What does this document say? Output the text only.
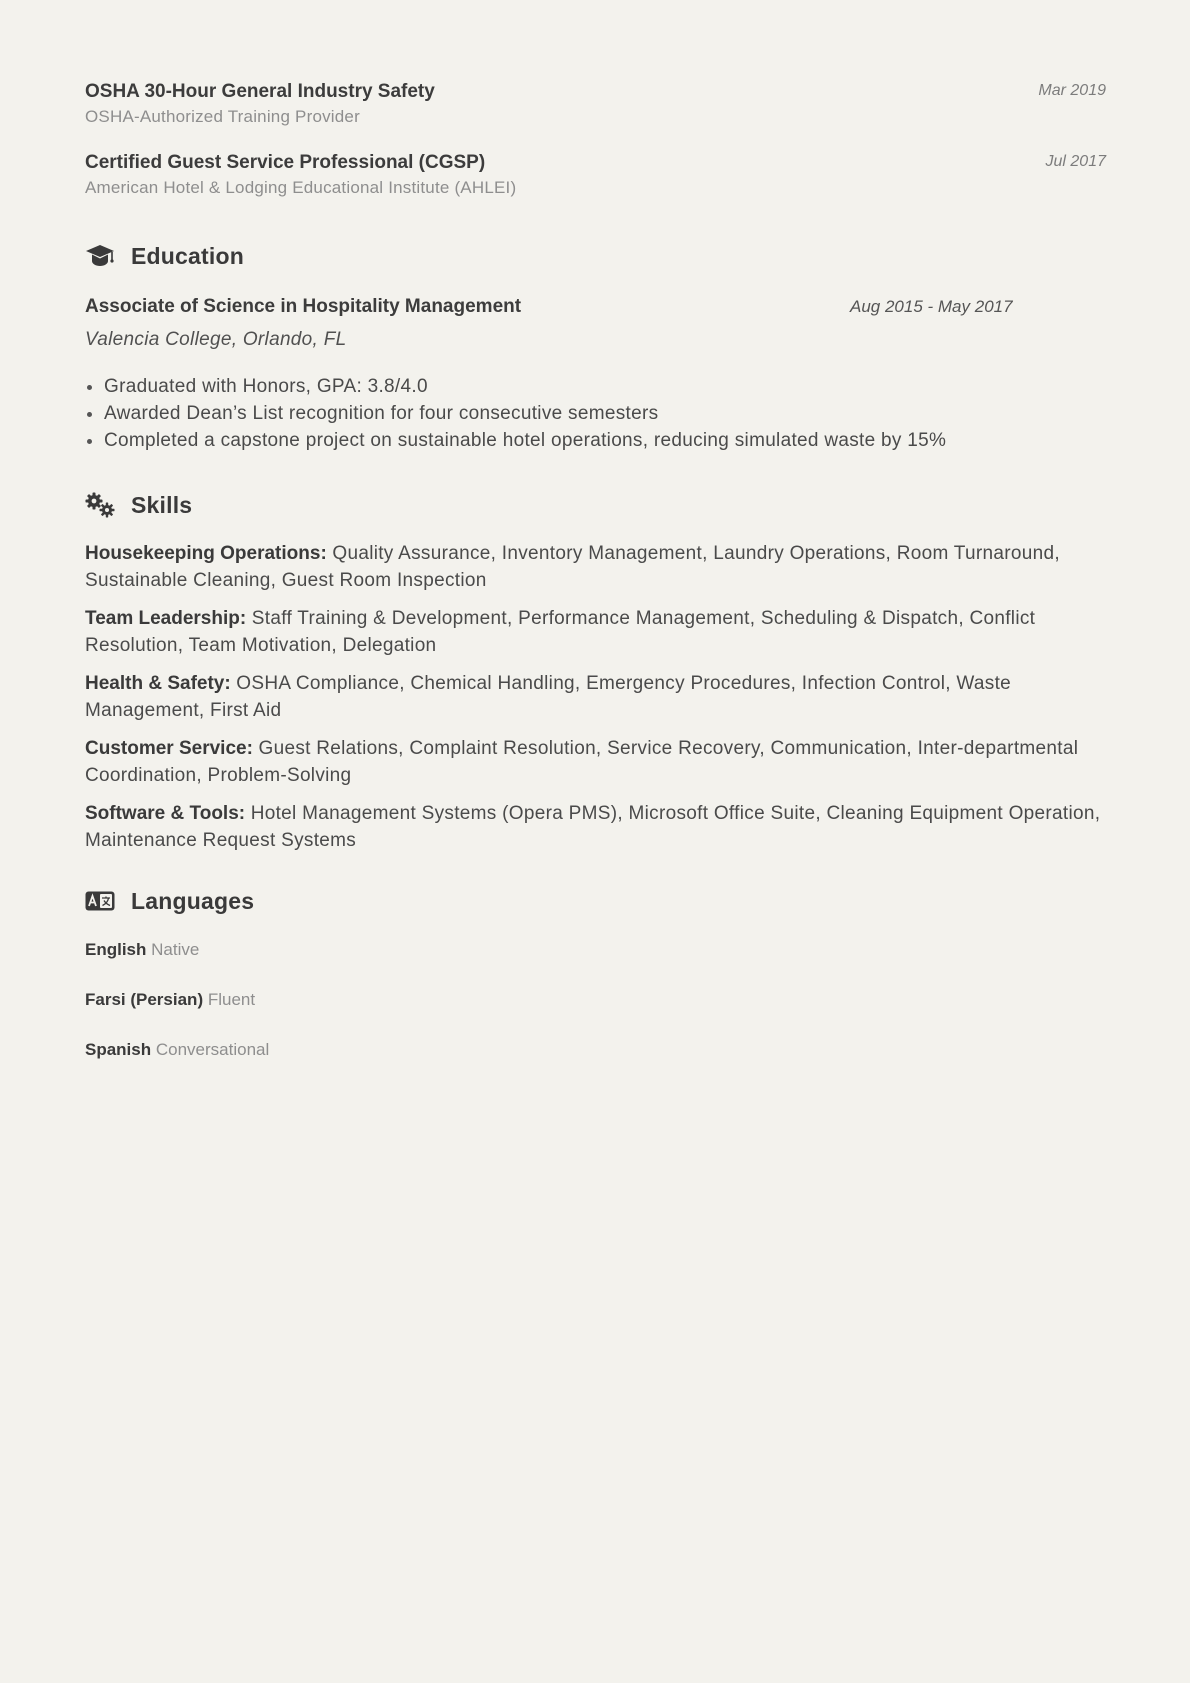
OSHA 30-Hour General Industry Safety
OSHA-Authorized Training Provider
Mar 2019
Certified Guest Service Professional (CGSP)
American Hotel & Lodging Educational Institute (AHLEI)
Jul 2017
Education
Associate of Science in Hospitality Management	Aug 2015 - May 2017
Valencia College, Orlando, FL
Graduated with Honors, GPA: 3.8/4.0
Awarded Dean’s List recognition for four consecutive semesters
Completed a capstone project on sustainable hotel operations, reducing simulated waste by 15%
Skills
Housekeeping Operations: Quality Assurance, Inventory Management, Laundry Operations, Room Turnaround, Sustainable Cleaning, Guest Room Inspection
Team Leadership: Staff Training & Development, Performance Management, Scheduling & Dispatch, Conflict Resolution, Team Motivation, Delegation
Health & Safety: OSHA Compliance, Chemical Handling, Emergency Procedures, Infection Control, Waste Management, First Aid
Customer Service: Guest Relations, Complaint Resolution, Service Recovery, Communication, Inter-departmental Coordination, Problem-Solving
Software & Tools: Hotel Management Systems (Opera PMS), Microsoft Office Suite, Cleaning Equipment Operation, Maintenance Request Systems
Languages
English Native
Farsi (Persian) Fluent
Spanish Conversational
